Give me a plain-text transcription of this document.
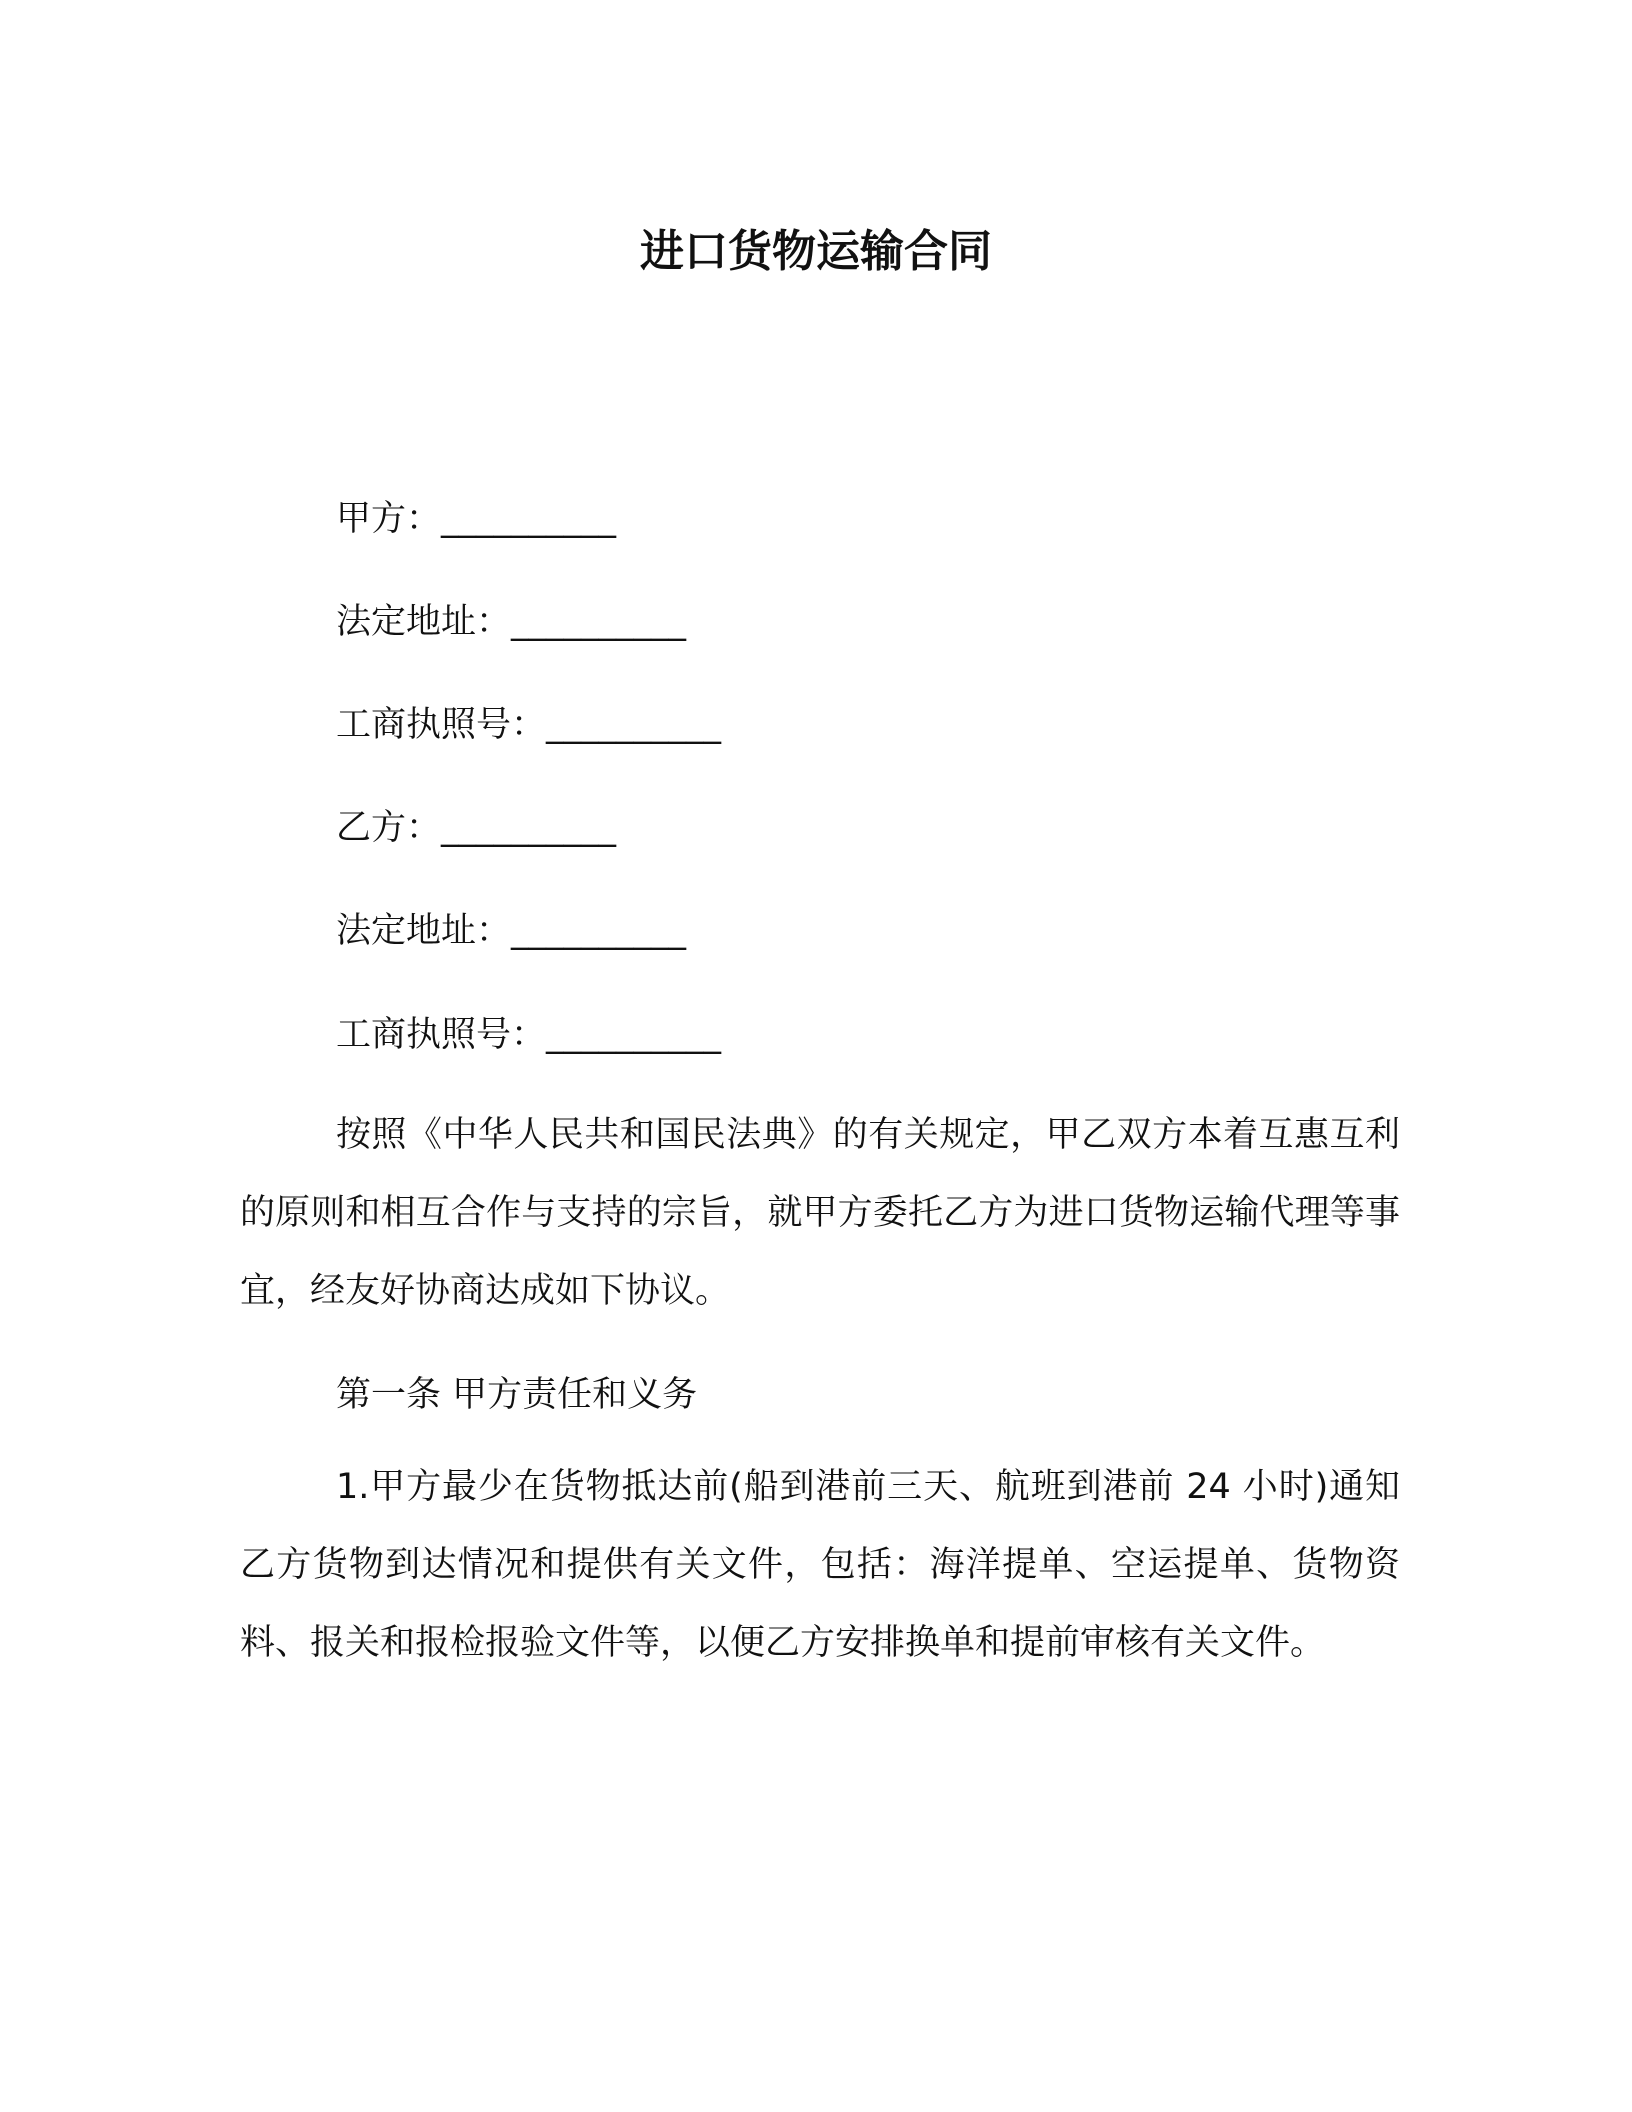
进口货物运输合同
甲方：__________
法定地址：__________
工商执照号：__________
乙方：__________
法定地址：__________
工商执照号：__________
按照《中华人民共和国民法典》的有关规定，甲乙双方本着互惠互利的原则和相互合作与支持的宗旨，就甲方委托乙方为进口货物运输代理等事宜，经友好协商达成如下协议。
第一条 甲方责任和义务
1.甲方最少在货物抵达前(船到港前三天、航班到港前 24 小时)通知乙方货物到达情况和提供有关文件，包括：海洋提单、空运提单、货物资料、报关和报检报验文件等，以便乙方安排换单和提前审核有关文件。
